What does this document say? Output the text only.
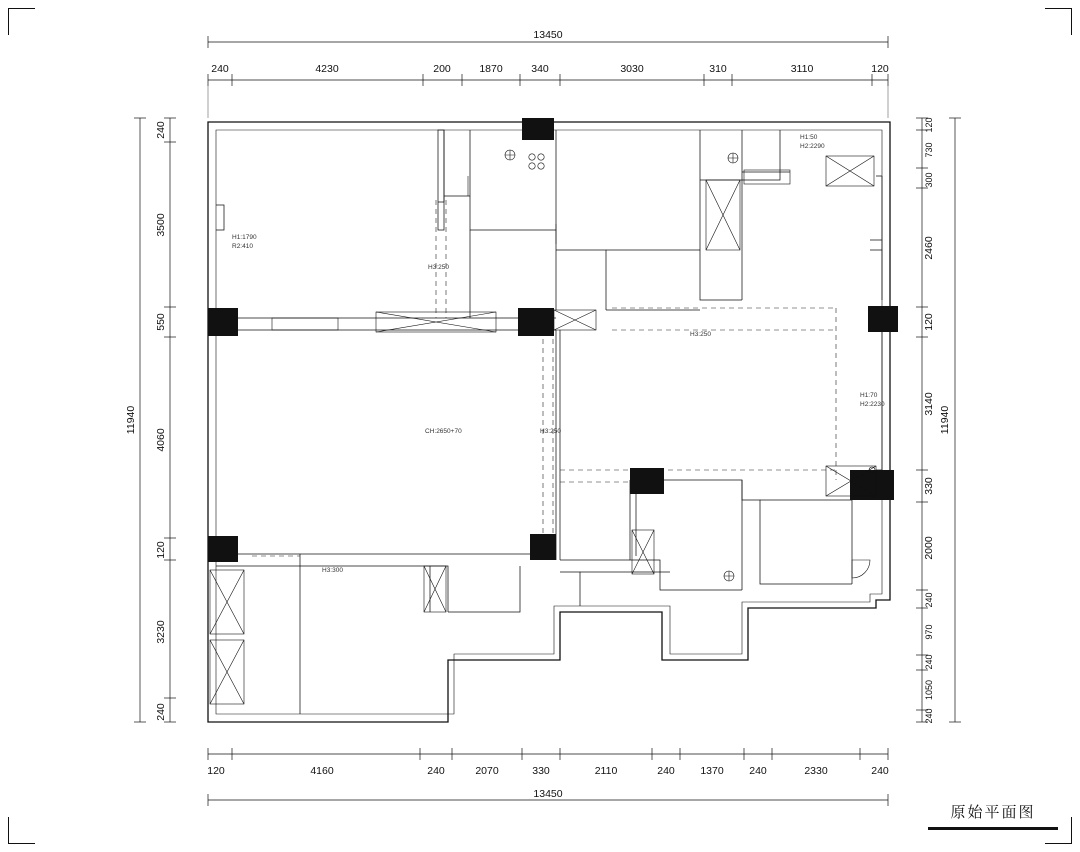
13450
240	4230	200	1870	340	3030	310	3110	120
120	4160	240	2070	330	2110	240 1370 240	2330	240
13450
240
3500
550
4060
120
3230
240
11940
120
730
300
2460
120
3140
330
2000
240
970
240
1050
240
11940
H1:1790
R2:410
H3:250
H1:50
H2:2290
H3:250
H1:70
H2:2230
CH:2650+70	H3:250
H3:300
原始平面图
